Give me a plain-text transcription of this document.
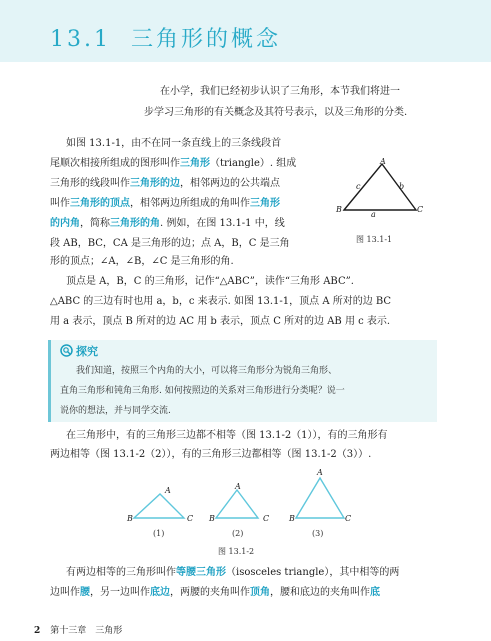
13.1 三角形的概念
在小学，我们已经初步认识了三角形，本节我们将进一
步学习三角形的有关概念及其符号表示，以及三角形的分类.
如图 13.1-1，由不在同一条直线上的三条线段首
尾顺次相接所组成的图形叫作三角形（triangle）. 组成
三角形的线段叫作三角形的边，相邻两边的公共端点
叫作三角形的顶点，相邻两边所组成的角叫作三角形
的内角，简称三角形的角. 例如，在图 13.1-1 中，线
段 AB，BC，CA 是三角形的边；点 A，B，C 是三角
形的顶点；∠A，∠B，∠C 是三角形的角.
A
B	C
c	b
a
图 13.1-1
顶点是 A，B，C 的三角形，记作“△ABC”，读作“三角形 ABC”.
△ABC 的三边有时也用 a，b，c 来表示. 如图 13.1-1，顶点 A 所对的边 BC
用 a 表示，顶点 B 所对的边 AC 用 b 表示，顶点 C 所对的边 AB 用 c 表示.
探究
我们知道，按照三个内角的大小，可以将三角形分为锐角三角形、
直角三角形和钝角三角形. 如何按照边的关系对三角形进行分类呢？说一
说你的想法，并与同学交流.
在三角形中，有的三角形三边都不相等（图 13.1-2（1）），有的三角形有
两边相等（图 13.1-2（2）），有的三角形三边都相等（图 13.1-2（3））.
A
B	C
A
B	C
A
B	C
(1)	(2)	(3)
图 13.1-2
有两边相等的三角形叫作等腰三角形（isosceles triangle），其中相等的两
边叫作腰，另一边叫作底边，两腰的夹角叫作顶角，腰和底边的夹角叫作底
2 第十三章　三角形
